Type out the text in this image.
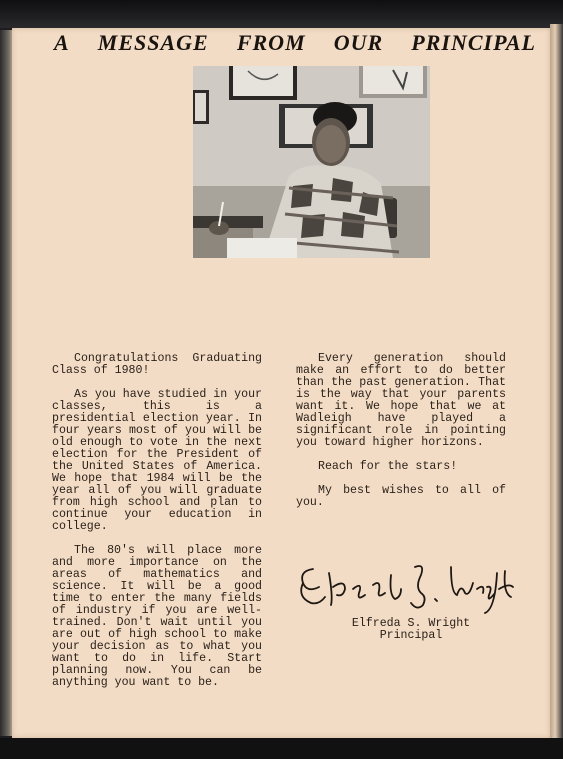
A MESSAGE FROM OUR PRINCIPAL

Congratulations Graduating Class of 1980!

As you have studied in your classes, this is a presidential election year. In four years most of you will be old enough to vote in the next election for the President of the United States of America. We hope that 1984 will be the year all of you will graduate from high school and plan to continue your education in college.

The 80's will place more and more importance on the areas of mathematics and science. It will be a good time to enter the many fields of industry if you are well-trained. Don't wait until you are out of high school to make your decision as to what you want to do in life. Start planning now. You can be anything you want to be.

Every generation should make an effort to do better than the past generation. That is the way that your parents want it. We hope that we at Wadleigh have played a significant role in pointing you toward higher horizons.

Reach for the stars!

My best wishes to all of you.

Elfreda S. Wright
Principal
